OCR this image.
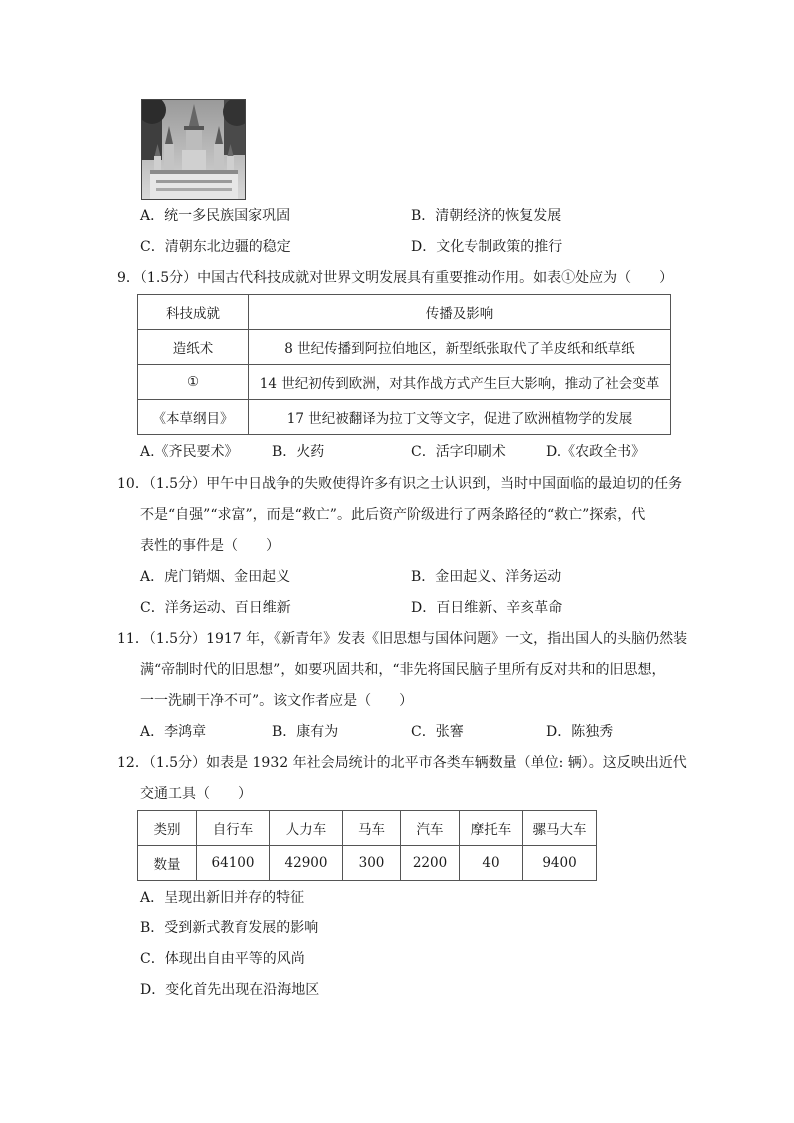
A．统一多民族国家巩固	B．清朝经济的恢复发展
C．清朝东北边疆的稳定	D．文化专制政策的推行
9．（1.5分）中国古代科技成就对世界文明发展具有重要推动作用。如表①处应为（　　）
科技成就	传播及影响
造纸术	8 世纪传播到阿拉伯地区，新型纸张取代了羊皮纸和纸草纸
①	14 世纪初传到欧洲，对其作战方式产生巨大影响，推动了社会变革
《本草纲目》	17 世纪被翻译为拉丁文等文字，促进了欧洲植物学的发展
A.《齐民要术》 B．火药	C．活字印刷术	D.《农政全书》
10．（1.5分）甲午中日战争的失败使得许多有识之士认识到，当时中国面临的最迫切的任务
不是“自强”“求富”，而是“救亡”。此后资产阶级进行了两条路径的“救亡”探索，代
表性的事件是（　　）
A．虎门销烟、金田起义	B．金田起义、洋务运动
C．洋务运动、百日维新	D．百日维新、辛亥革命
11．（1.5分）1917 年，《新青年》发表《旧思想与国体问题》一文，指出国人的头脑仍然装
满“帝制时代的旧思想”，如要巩固共和，“非先将国民脑子里所有反对共和的旧思想，
一一洗刷干净不可”。该文作者应是（　　）
A．李鸿章	B．康有为	C．张謇	D．陈独秀
12．（1.5分）如表是 1932 年社会局统计的北平市各类车辆数量（单位: 辆）。这反映出近代
交通工具（　　）
类别	自行车	人力车	马车	汽车	摩托车	骡马大车
数量	64100	42900	300	2200	40	9400
A．呈现出新旧并存的特征
B．受到新式教育发展的影响
C．体现出自由平等的风尚
D．变化首先出现在沿海地区
